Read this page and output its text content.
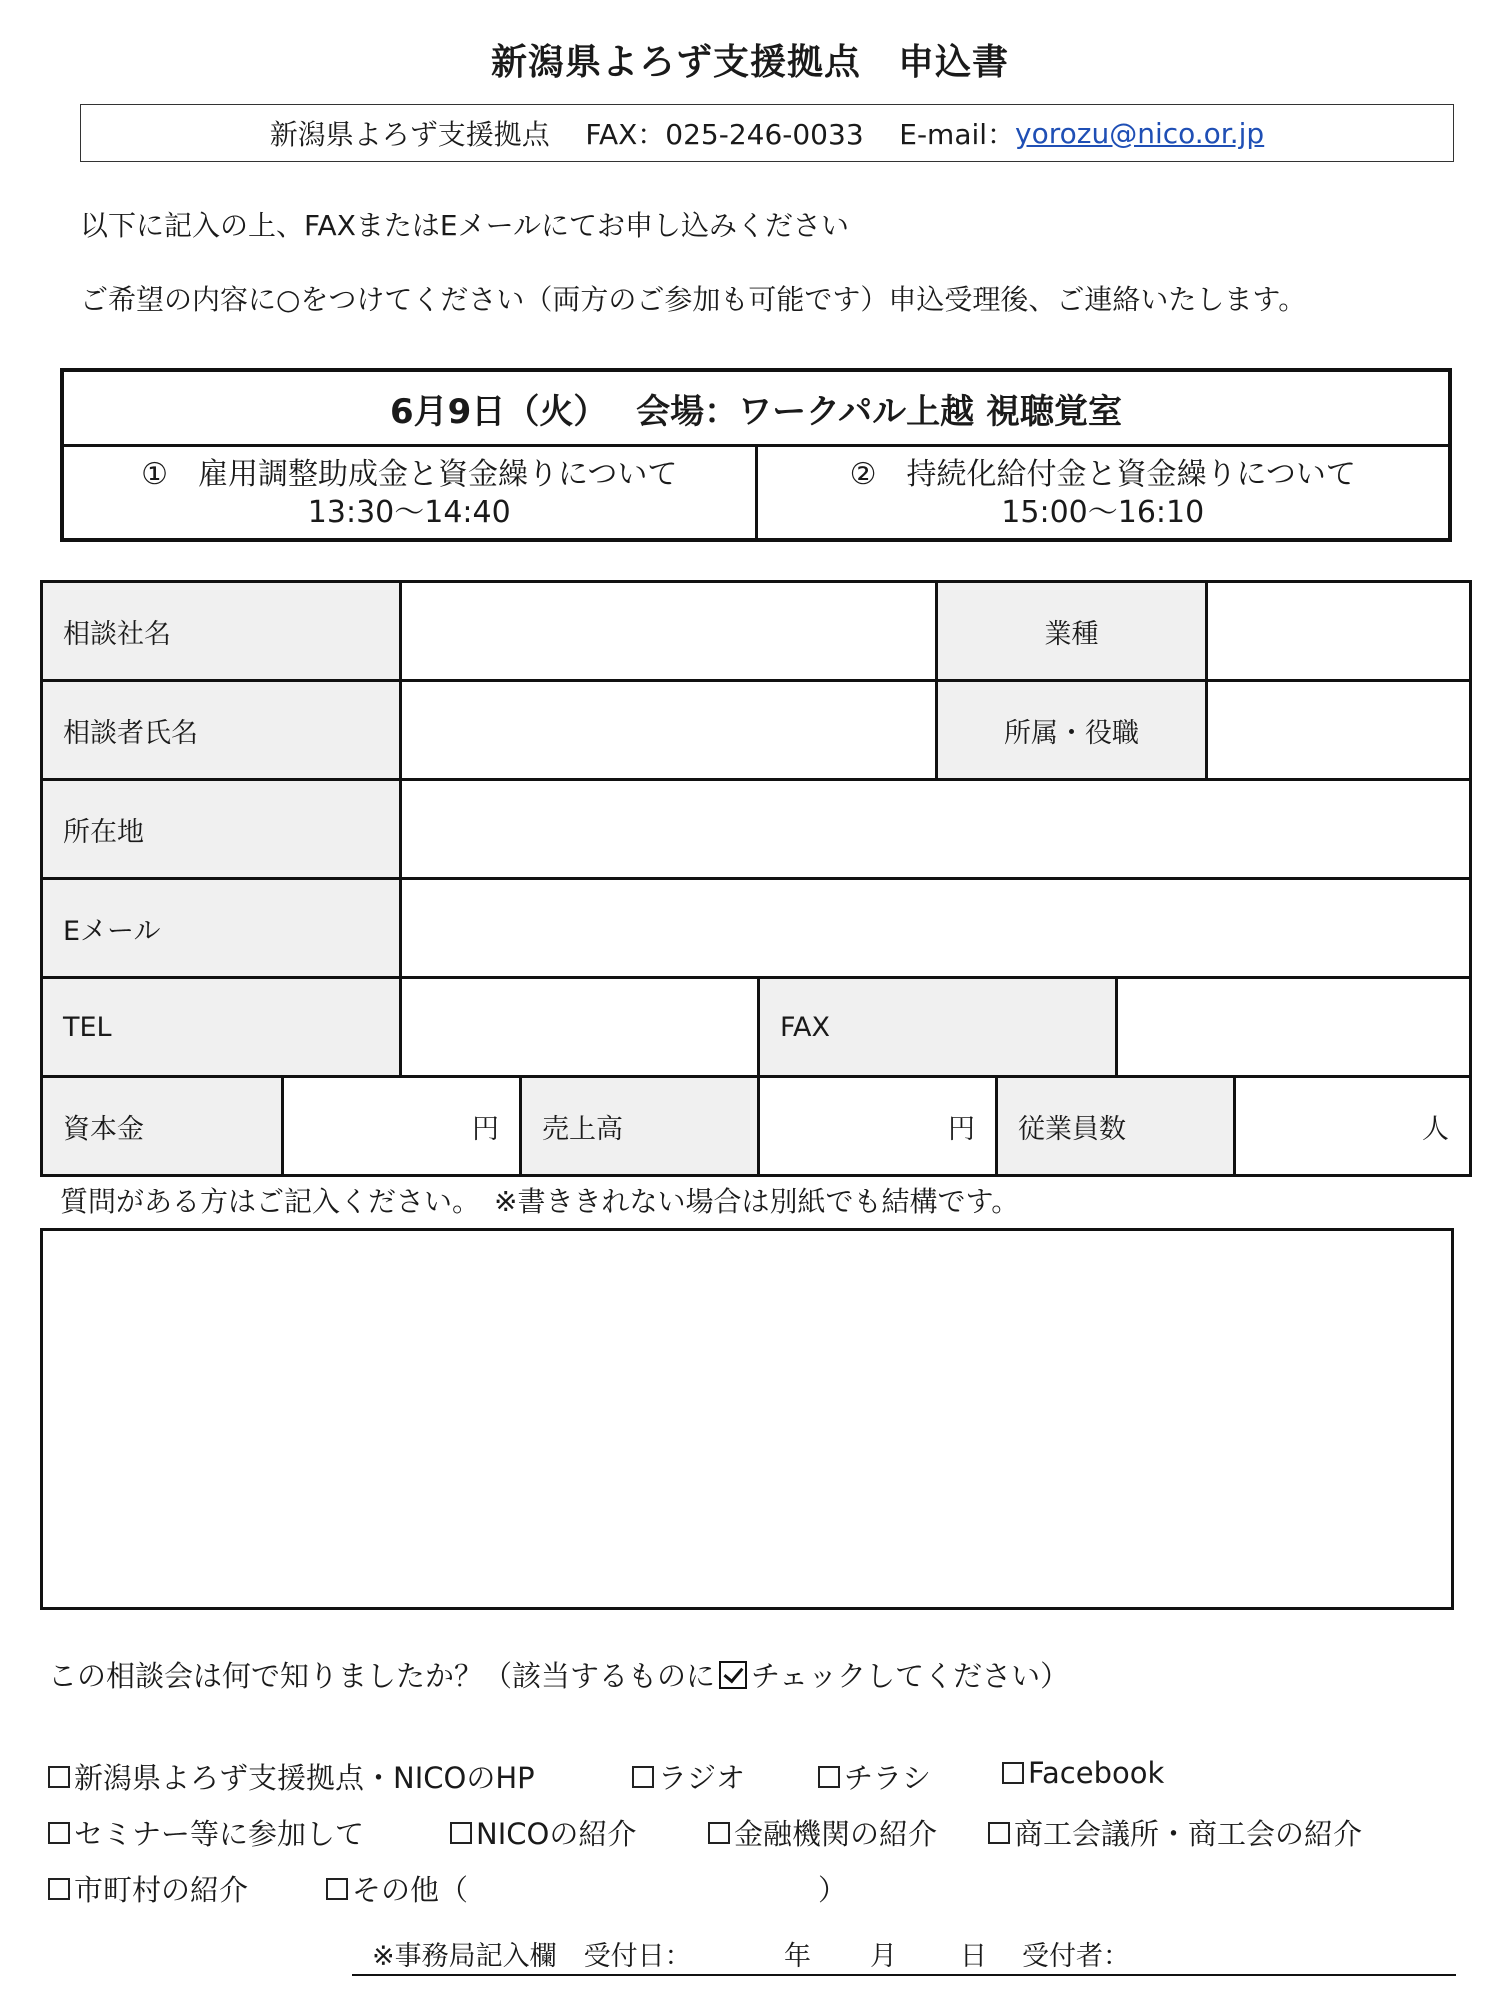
新潟県よろず支援拠点　申込書
新潟県よろず支援拠点
FAX：025-246-0033
E-mail： yorozu@nico.or.jp
以下に記入の上、FAXまたはEメールにてお申し込みください
ご希望の内容に○をつけてください（両方のご参加も可能です）申込受理後、ご連絡いたします。
6月9日（火）　 会場：ワークパル上越 視聴覚室
①　雇用調整助成金と資金繰りについて
13:30～14:40
②　持続化給付金と資金繰りについて
15:00～16:10
相談社名	業種
相談者氏名	所属・役職
所在地
Eメール
TEL	FAX
資本金	円	売上高	円	従業員数	人
質問がある方はご記入ください。　※書ききれない場合は別紙でも結構です。
この相談会は何で知りましたか？（該当するものに チェックしてください）
新潟県よろず支援拠点・NICOのHP	ラジオ	チラシ	Facebook
セミナー等に参加して	NICOの紹介	金融機関の紹介	商工会議所・商工会の紹介
市町村の紹介	その他（	）
※事務局記入欄　受付日：	年 月 日 受付者：
